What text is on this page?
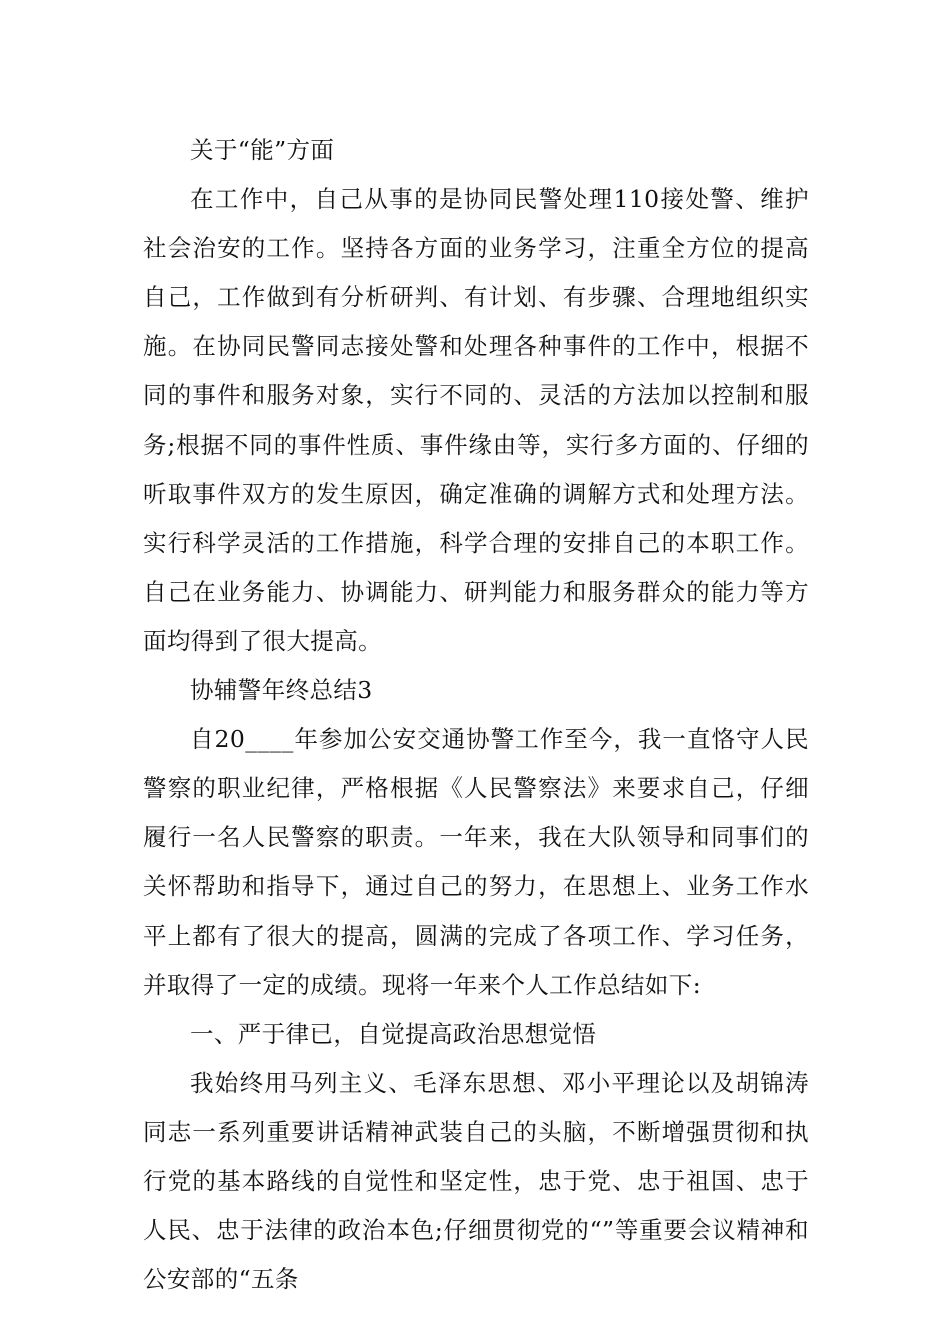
关于“能”方面

在工作中，自己从事的是协同民警处理110接处警、维护社会治安的工作。坚持各方面的业务学习，注重全方位的提高自己，工作做到有分析研判、有计划、有步骤、合理地组织实施。在协同民警同志接处警和处理各种事件的工作中，根据不同的事件和服务对象，实行不同的、灵活的方法加以控制和服务;根据不同的事件性质、事件缘由等，实行多方面的、仔细的听取事件双方的发生原因，确定准确的调解方式和处理方法。实行科学灵活的工作措施，科学合理的安排自己的本职工作。自己在业务能力、协调能力、研判能力和服务群众的能力等方面均得到了很大提高。

协辅警年终总结3

自20____年参加公安交通协警工作至今，我一直恪守人民警察的职业纪律，严格根据《人民警察法》来要求自己，仔细履行一名人民警察的职责。一年来，我在大队领导和同事们的关怀帮助和指导下，通过自己的努力，在思想上、业务工作水平上都有了很大的提高，圆满的完成了各项工作、学习任务，并取得了一定的成绩。现将一年来个人工作总结如下:

一、严于律已，自觉提高政治思想觉悟

我始终用马列主义、毛泽东思想、邓小平理论以及胡锦涛同志一系列重要讲话精神武装自己的头脑，不断增强贯彻和执行党的基本路线的自觉性和坚定性，忠于党、忠于祖国、忠于人民、忠于法律的政治本色;仔细贯彻党的“”等重要会议精神和公安部的“五条
